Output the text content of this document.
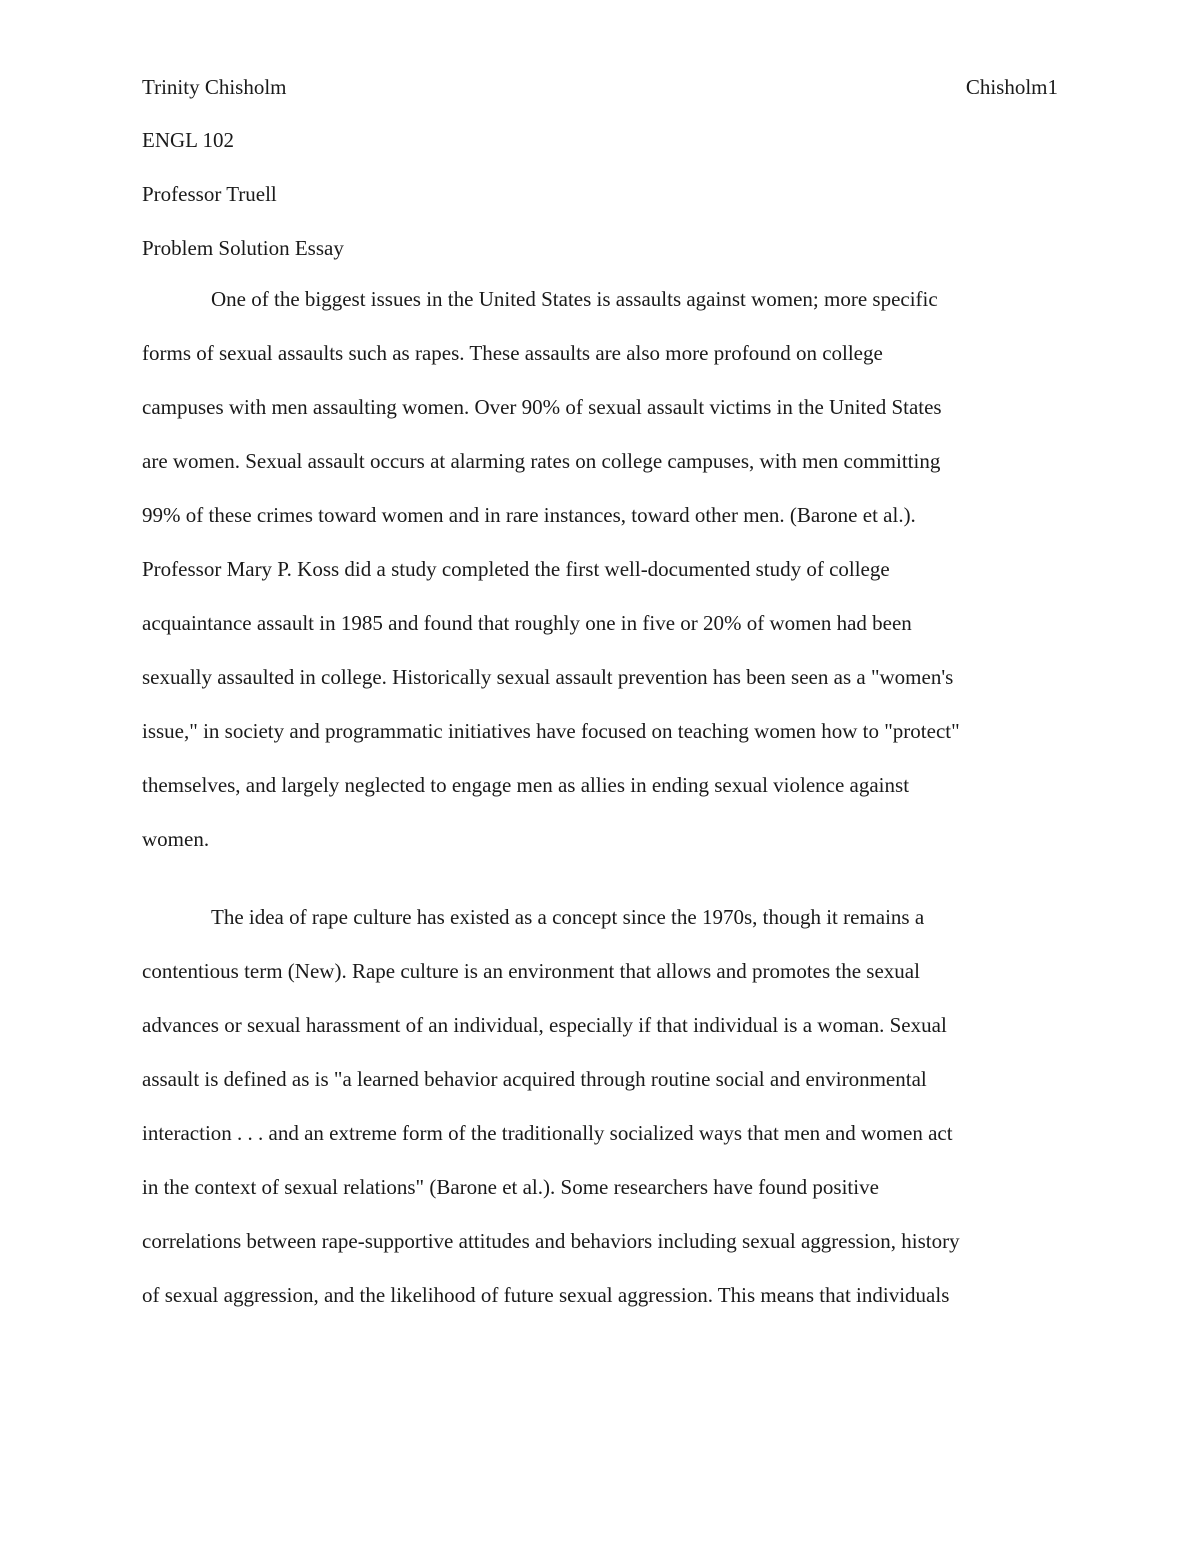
Trinity Chisholm	Chisholm1
ENGL 102
Professor Truell
Problem Solution Essay
One of the biggest issues in the United States is assaults against women; more specific
forms of sexual assaults such as rapes. These assaults are also more profound on college
campuses with men assaulting women. Over 90% of sexual assault victims in the United States
are women. Sexual assault occurs at alarming rates on college campuses, with men committing
99% of these crimes toward women and in rare instances, toward other men. (Barone et al.).
Professor Mary P. Koss did a study completed the first well-documented study of college
acquaintance assault in 1985 and found that roughly one in five or 20% of women had been
sexually assaulted in college. Historically sexual assault prevention has been seen as a "women's
issue," in society and programmatic initiatives have focused on teaching women how to "protect"
themselves, and largely neglected to engage men as allies in ending sexual violence against
women.
The idea of rape culture has existed as a concept since the 1970s, though it remains a
contentious term (New). Rape culture is an environment that allows and promotes the sexual
advances or sexual harassment of an individual, especially if that individual is a woman. Sexual
assault is defined as is "a learned behavior acquired through routine social and environmental
interaction . . . and an extreme form of the traditionally socialized ways that men and women act
in the context of sexual relations" (Barone et al.). Some researchers have found positive
correlations between rape-supportive attitudes and behaviors including sexual aggression, history
of sexual aggression, and the likelihood of future sexual aggression. This means that individuals
